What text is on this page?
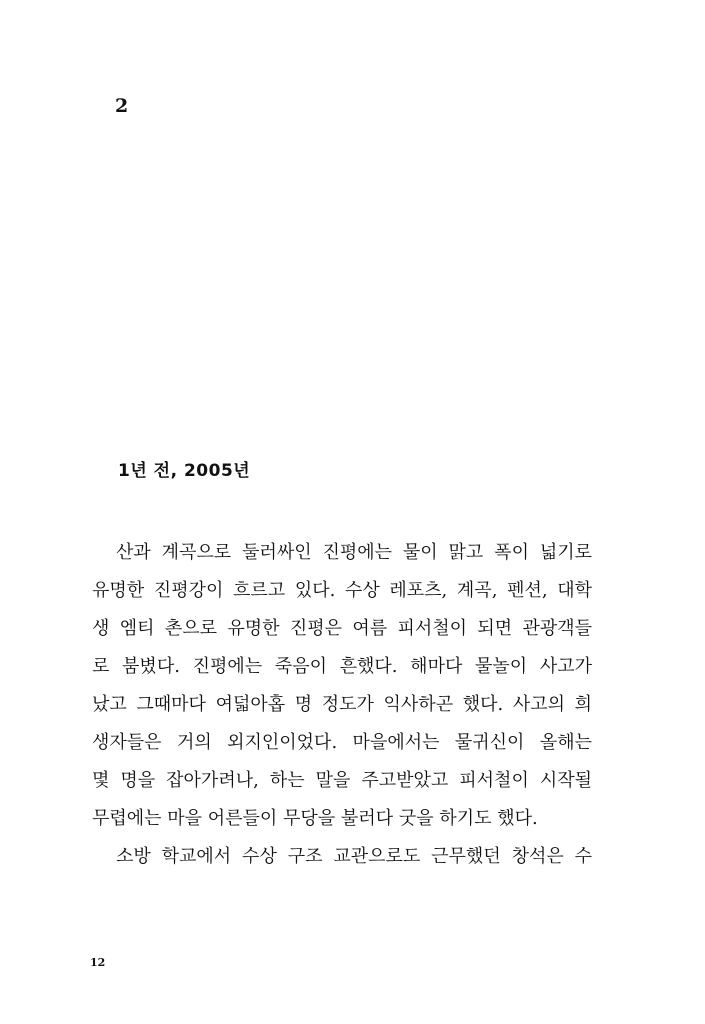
2
1년 전, 2005년
산과 계곡으로 둘러싸인 진평에는 물이 맑고 폭이 넓기로
유명한 진평강이 흐르고 있다. 수상 레포츠, 계곡, 펜션, 대학
생 엠티 촌으로 유명한 진평은 여름 피서철이 되면 관광객들
로 붐볐다. 진평에는 죽음이 흔했다. 해마다 물놀이 사고가
났고 그때마다 여덟아홉 명 정도가 익사하곤 했다. 사고의 희
생자들은 거의 외지인이었다. 마을에서는 물귀신이 올해는
몇 명을 잡아가려나, 하는 말을 주고받았고 피서철이 시작될
무렵에는 마을 어른들이 무당을 불러다 굿을 하기도 했다.
소방 학교에서 수상 구조 교관으로도 근무했던 창석은 수
12
